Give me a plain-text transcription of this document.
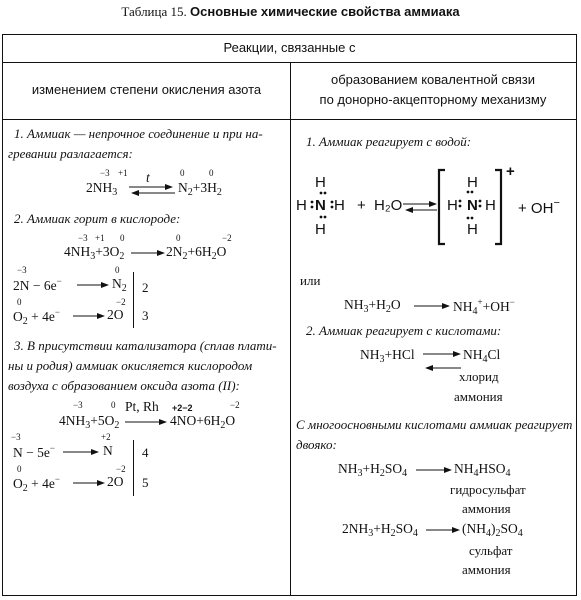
Таблица 15. Основные химические свойства аммиака
Реакции, связанные с
изменением степени окисления азота
образованием ковалентной связи
по донорно-акцепторному механизму
1. Аммиак — непрочное соединение и при на-
гревании разлагается:
−3 +1	0	0
t
$2NH_3$	$N_2+3H_2$
2. Аммиак горит в кислороде:
−3 +1 0	0	−2
$4NH_3+3O_2$	$2N_2+6H_2O$
−3
2N − 6e−
0
$N_2$ 2
0
$O_2 + 4e^-$
−2
2O 3
3. В присутствии катализатора (сплав плати-
ны и родия) аммиак окисляется кислородом
воздуха с образованием оксида азота (II):
−3	0 Pt, Rh +2−2	−2
$4NH_3+5O_2$	$4NO+6H_2O$
−3
N − 5e−
+2
N 4
0
$O_2 + 4e^-$
−2
2O 5
1. Аммиак реагирует с водой:
H
H N H
H
+ H₂O
H
H N H
H
+
+ OH−
или
$NH_3+H_2O$	$NH_4^++OH^-$
2. Аммиак реагирует с кислотами:
$NH_3+HCl$	$NH_4Cl$
хлорид
аммония
С многоосновными кислотами аммиак реагирует
двояко:
$NH_3+H_2SO_4$	$NH_4HSO_4$
гидросульфат
аммония
$2NH_3+H_2SO_4$	$(NH_4)_2SO_4$
сульфат
аммония
